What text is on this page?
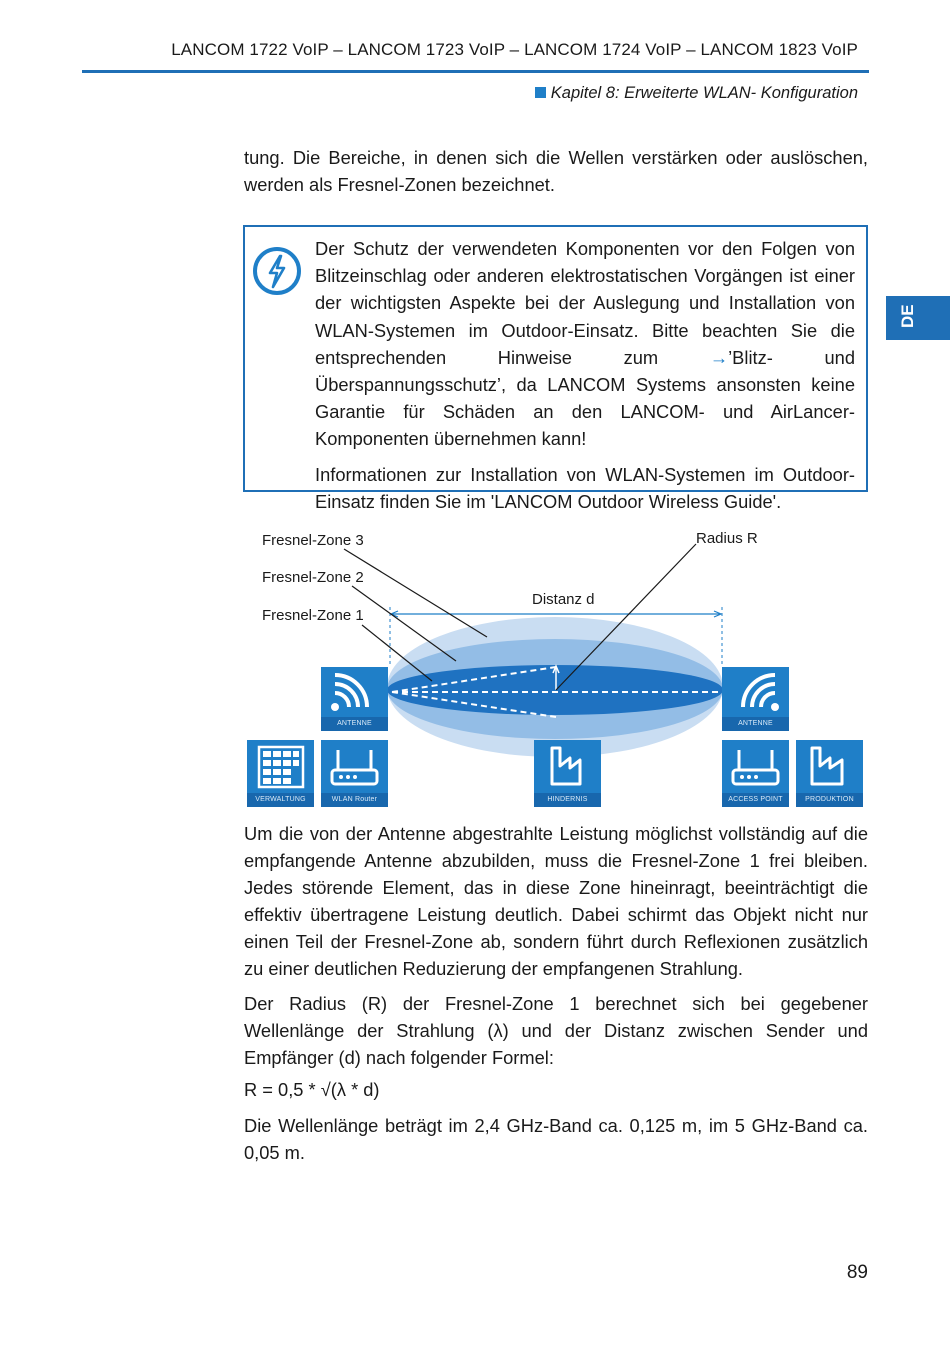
LANCOM 1722 VoIP – LANCOM 1723 VoIP – LANCOM 1724 VoIP – LANCOM 1823 VoIP
Kapitel 8: Erweiterte WLAN- Konfiguration
DE
tung. Die Bereiche, in denen sich die Wellen verstärken oder auslöschen, werden als Fresnel-Zonen bezeichnet.

Der Schutz der verwendeten Komponenten vor den Folgen von Blitzeinschlag oder anderen elektrostatischen Vorgängen ist einer der wichtigsten Aspekte bei der Auslegung und Installation von WLAN-Systemen im Outdoor-Einsatz. Bitte beachten Sie die entsprechenden Hinweise zum →’Blitz- und Überspannungsschutz’, da LANCOM Systems ansonsten keine Garantie für Schäden an den LANCOM- und AirLancer-Komponenten übernehmen kann!

Informationen zur Installation von WLAN-Systemen im Outdoor-Einsatz finden Sie im 'LANCOM Outdoor Wireless Guide'.

Fresnel-Zone 3
Fresnel-Zone 2
Fresnel-Zone 1
Radius R
Distanz d
ANTENNE	ANTENNE
VERWALTUNG	WLAN Router	HINDERNIS	ACCESS POINT	PRODUKTION
Um die von der Antenne abgestrahlte Leistung möglichst vollständig auf die empfangende Antenne abzubilden, muss die Fresnel-Zone 1 frei bleiben. Jedes störende Element, das in diese Zone hineinragt, beeinträchtigt die effektiv übertragene Leistung deutlich. Dabei schirmt das Objekt nicht nur einen Teil der Fresnel-Zone ab, sondern führt durch Reflexionen zusätzlich zu einer deutlichen Reduzierung der empfangenen Strahlung.
Der Radius (R) der Fresnel-Zone 1 berechnet sich bei gegebener Wellenlänge der Strahlung (λ) und der Distanz zwischen Sender und Empfänger (d) nach folgender Formel:
R = 0,5 * √(λ * d)
Die Wellenlänge beträgt im 2,4 GHz-Band ca. 0,125 m, im 5 GHz-Band ca. 0,05 m.
89
